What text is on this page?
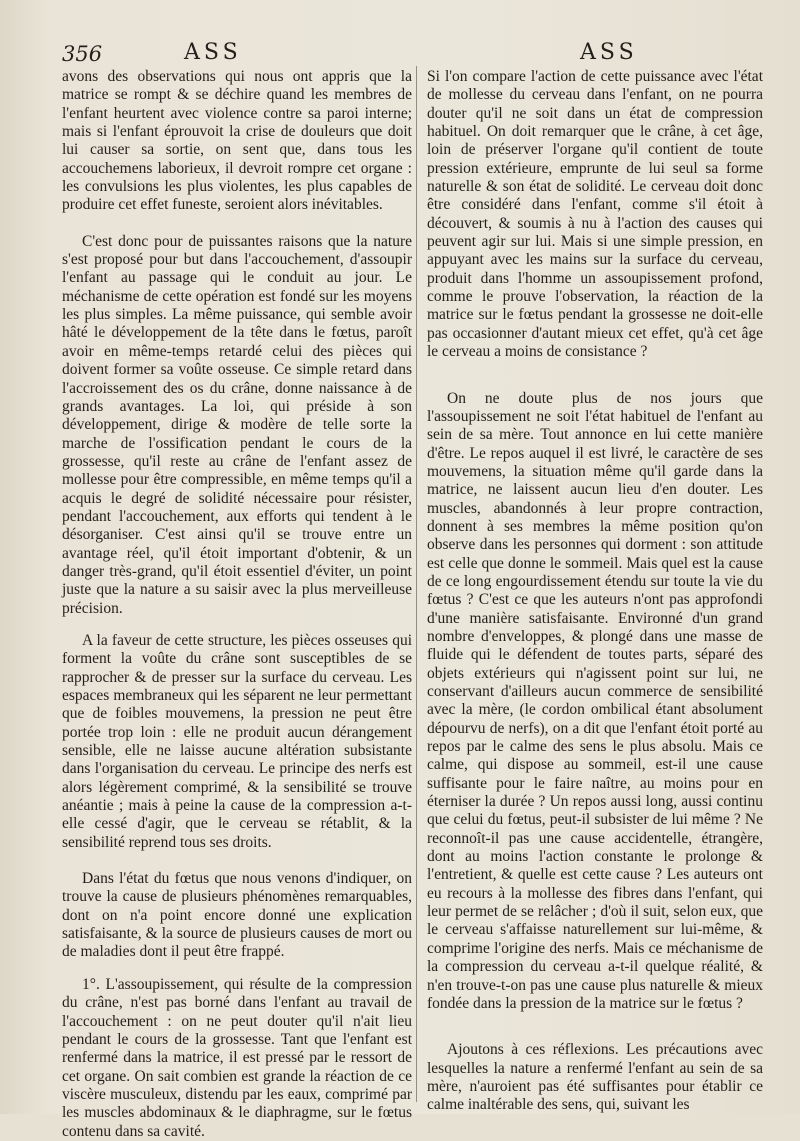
356	ASS	ASS

avons des observations qui nous ont appris que la matrice se rompt & se déchire quand les membres de l'enfant heurtent avec violence contre sa paroi interne; mais si l'enfant éprouvoit la crise de douleurs que doit lui causer sa sortie, on sent que, dans tous les accouchemens laborieux, il devroit rompre cet organe : les convulsions les plus violentes, les plus capables de produire cet effet funeste, seroient alors inévitables.

C'est donc pour de puissantes raisons que la nature s'est proposé pour but dans l'accouchement, d'assoupir l'enfant au passage qui le conduit au jour. Le méchanisme de cette opération est fondé sur les moyens les plus simples. La même puissance, qui semble avoir hâté le développement de la tête dans le fœtus, paroît avoir en même-temps retardé celui des pièces qui doivent former sa voûte osseuse. Ce simple retard dans l'accroissement des os du crâne, donne naissance à de grands avantages. La loi, qui préside à son développement, dirige & modère de telle sorte la marche de l'ossification pendant le cours de la grossesse, qu'il reste au crâne de l'enfant assez de mollesse pour être compressible, en même temps qu'il a acquis le degré de solidité nécessaire pour résister, pendant l'accouchement, aux efforts qui tendent à le désorganiser. C'est ainsi qu'il se trouve entre un avantage réel, qu'il étoit important d'obtenir, & un danger très-grand, qu'il étoit essentiel d'éviter, un point juste que la nature a su saisir avec la plus merveilleuse précision.

A la faveur de cette structure, les pièces osseuses qui forment la voûte du crâne sont susceptibles de se rapprocher & de presser sur la surface du cerveau. Les espaces membraneux qui les séparent ne leur permettant que de foibles mouvemens, la pression ne peut être portée trop loin : elle ne produit aucun dérangement sensible, elle ne laisse aucune altération subsistante dans l'organisation du cerveau. Le principe des nerfs est alors légèrement comprimé, & la sensibilité se trouve anéantie ; mais à peine la cause de la compression a-t-elle cessé d'agir, que le cerveau se rétablit, & la sensibilité reprend tous ses droits.

Dans l'état du fœtus que nous venons d'indiquer, on trouve la cause de plusieurs phénomènes remarquables, dont on n'a point encore donné une explication satisfaisante, & la source de plusieurs causes de mort ou de maladies dont il peut être frappé.

1°. L'assoupissement, qui résulte de la compression du crâne, n'est pas borné dans l'enfant au travail de l'accouchement : on ne peut douter qu'il n'ait lieu pendant le cours de la grossesse. Tant que l'enfant est renfermé dans la matrice, il est pressé par le ressort de cet organe. On sait combien est grande la réaction de ce viscère musculeux, distendu par les eaux, comprimé par les muscles abdominaux & le diaphragme, sur le fœtus contenu dans sa cavité.

Si l'on compare l'action de cette puissance avec l'état de mollesse du cerveau dans l'enfant, on ne pourra douter qu'il ne soit dans un état de compression habituel. On doit remarquer que le crâne, à cet âge, loin de préserver l'organe qu'il contient de toute pression extérieure, emprunte de lui seul sa forme naturelle & son état de solidité. Le cerveau doit donc être considéré dans l'enfant, comme s'il étoit à découvert, & soumis à nu à l'action des causes qui peuvent agir sur lui. Mais si une simple pression, en appuyant avec les mains sur la surface du cerveau, produit dans l'homme un assoupissement profond, comme le prouve l'observation, la réaction de la matrice sur le fœtus pendant la grossesse ne doit-elle pas occasionner d'autant mieux cet effet, qu'à cet âge le cerveau a moins de consistance ?

On ne doute plus de nos jours que l'assoupissement ne soit l'état habituel de l'enfant au sein de sa mère. Tout annonce en lui cette manière d'être. Le repos auquel il est livré, le caractère de ses mouvemens, la situation même qu'il garde dans la matrice, ne laissent aucun lieu d'en douter. Les muscles, abandonnés à leur propre contraction, donnent à ses membres la même position qu'on observe dans les personnes qui dorment : son attitude est celle que donne le sommeil. Mais quel est la cause de ce long engourdissement étendu sur toute la vie du fœtus ? C'est ce que les auteurs n'ont pas approfondi d'une manière satisfaisante. Environné d'un grand nombre d'enveloppes, & plongé dans une masse de fluide qui le défendent de toutes parts, séparé des objets extérieurs qui n'agissent point sur lui, ne conservant d'ailleurs aucun commerce de sensibilité avec la mère, (le cordon ombilical étant absolument dépourvu de nerfs), on a dit que l'enfant étoit porté au repos par le calme des sens le plus absolu. Mais ce calme, qui dispose au sommeil, est-il une cause suffisante pour le faire naître, au moins pour en éterniser la durée ? Un repos aussi long, aussi continu que celui du fœtus, peut-il subsister de lui même ? Ne reconnoît-il pas une cause accidentelle, étrangère, dont au moins l'action constante le prolonge & l'entretient, & quelle est cette cause ? Les auteurs ont eu recours à la mollesse des fibres dans l'enfant, qui leur permet de se relâcher ; d'où il suit, selon eux, que le cerveau s'affaisse naturellement sur lui-même, & comprime l'origine des nerfs. Mais ce méchanisme de la compression du cerveau a-t-il quelque réalité, & n'en trouve-t-on pas une cause plus naturelle & mieux fondée dans la pression de la matrice sur le fœtus ?

Ajoutons à ces réflexions. Les précautions avec lesquelles la nature a renfermé l'enfant au sein de sa mère, n'auroient pas été suffisantes pour établir ce calme inaltérable des sens, qui, suivant les
